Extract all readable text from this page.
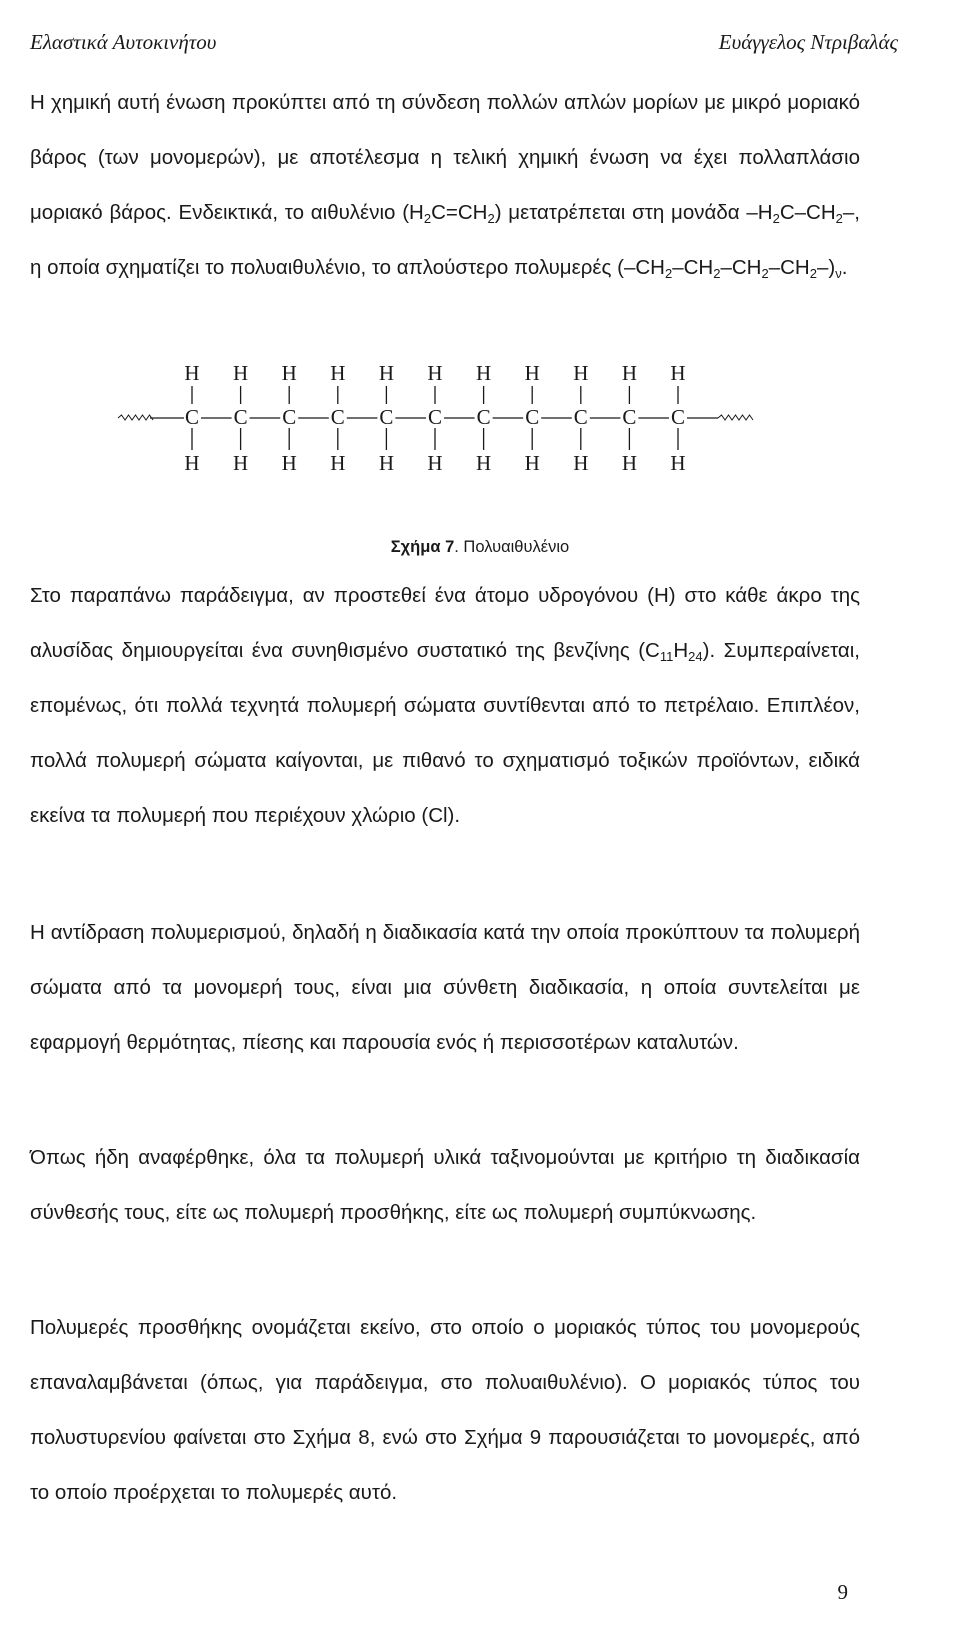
Ελαστικά Αυτοκινήτου	Ευάγγελος Ντριβαλάς
Η χημική αυτή ένωση προκύπτει από τη σύνδεση πολλών απλών μορίων με μικρό μοριακό βάρος (των μονομερών), με αποτέλεσμα η τελική χημική ένωση να έχει πολλαπλάσιο μοριακό βάρος. Ενδεικτικά, το αιθυλένιο $(H_2C=CH_2)$ μετατρέπεται στη μονάδα $-H_2C-CH_2-$, η οποία σχηματίζει το πολυαιθυλένιο, το απλούστερο πολυμερές $(-CH_2-CH_2-CH_2-CH_2-)_\nu$.
H
C
H
H
C
H
H
C
H
H
C
H
H
C
H
H
C
H
H
C
H
H
C
H
H
C
H
H
C
H
H
C
H
Σχήμα 7. Πολυαιθυλένιο
Στο παραπάνω παράδειγμα, αν προστεθεί ένα άτομο υδρογόνου (H) στο κάθε άκρο της αλυσίδας δημιουργείται ένα συνηθισμένο συστατικό της βενζίνης $(C_{11}H_{24})$. Συμπεραίνεται, επομένως, ότι πολλά τεχνητά πολυμερή σώματα συντίθενται από το πετρέλαιο. Επιπλέον, πολλά πολυμερή σώματα καίγονται, με πιθανό το σχηματισμό τοξικών προϊόντων, ειδικά εκείνα τα πολυμερή που περιέχουν χλώριο (Cl).
Η αντίδραση πολυμερισμού, δηλαδή η διαδικασία κατά την οποία προκύπτουν τα πολυμερή σώματα από τα μονομερή τους, είναι μια σύνθετη διαδικασία, η οποία συντελείται με εφαρμογή θερμότητας, πίεσης και παρουσία ενός ή περισσοτέρων καταλυτών.
Όπως ήδη αναφέρθηκε, όλα τα πολυμερή υλικά ταξινομούνται με κριτήριο τη διαδικασία σύνθεσής τους, είτε ως πολυμερή προσθήκης, είτε ως πολυμερή συμπύκνωσης.
Πολυμερές προσθήκης ονομάζεται εκείνο, στο οποίο ο μοριακός τύπος του μονομερούς επαναλαμβάνεται (όπως, για παράδειγμα, στο πολυαιθυλένιο). Ο μοριακός τύπος του πολυστυρενίου φαίνεται στο Σχήμα 8, ενώ στο Σχήμα 9 παρουσιάζεται το μονομερές, από το οποίο προέρχεται το πολυμερές αυτό.
9
